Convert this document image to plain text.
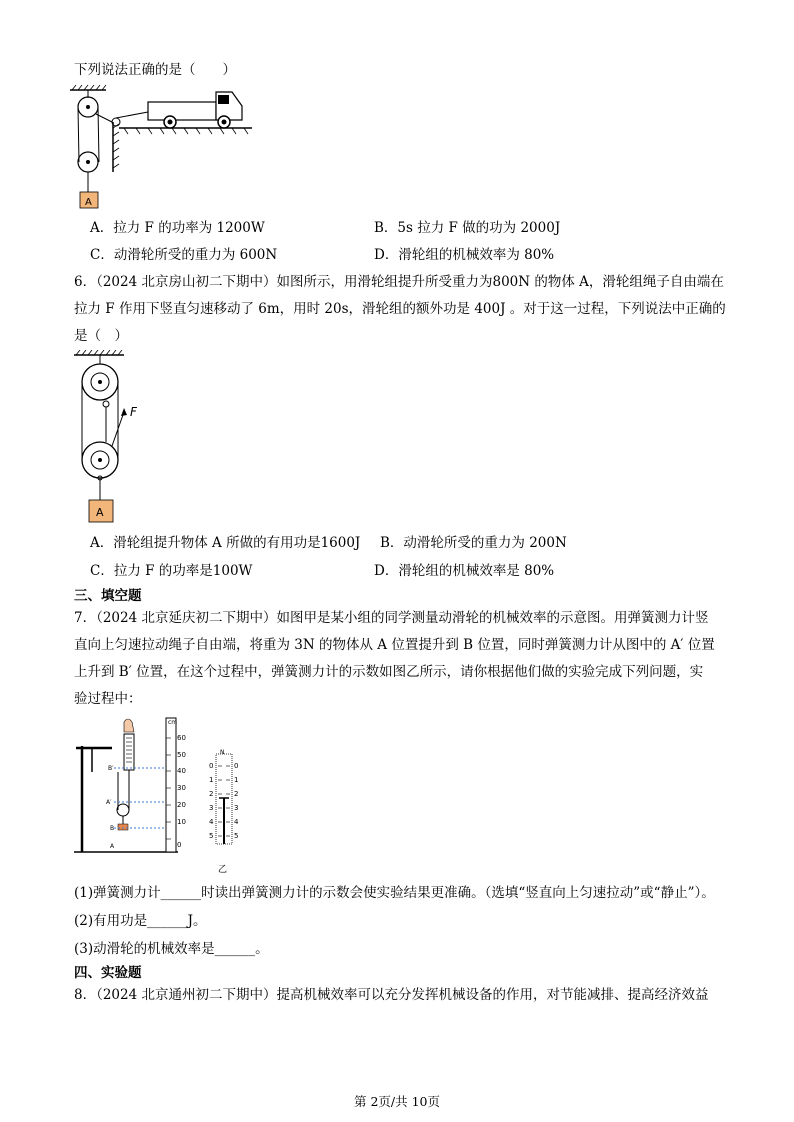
下列说法正确的是（　　）
A
A．拉力 F 的功率为 1200W	B．5s 拉力 F 做的功为 2000J
C．动滑轮所受的重力为 600N	D．滑轮组的机械效率为 80%
6．（2024 北京房山初二下期中）如图所示，用滑轮组提升所受重力为800N 的物体 A，滑轮组绳子自由端在
拉力 F 作用下竖直匀速移动了 6m，用时 20s，滑轮组的额外功是 400J 。对于这一过程，下列说法中正确的
是（　）
F
A
A．滑轮组提升物体 A 所做的有用功是1600J B．动滑轮所受的重力为 200N
C．拉力 F 的功率是100W	D．滑轮组的机械效率是 80%
三、填空题
7．（2024 北京延庆初二下期中）如图甲是某小组的同学测量动滑轮的机械效率的示意图。用弹簧测力计竖
直向上匀速拉动绳子自由端，将重为 3N 的物体从 A 位置提升到 B 位置，同时弹簧测力计从图中的 A′ 位置
上升到 B′ 位置，在这个过程中，弹簧测力计的示数如图乙所示，请你根据他们做的实验完成下列问题，实
验过程中：
cm
60
50
40
30
20
10
0
B′
A′
B
A
N
0
1
2
3
4
5
0
1
2
3
4
5
乙
(1)弹簧测力计______时读出弹簧测力计的示数会使实验结果更准确。（选填“竖直向上匀速拉动”或“静止”）。
(2)有用功是______J。
(3)动滑轮的机械效率是______。
四、实验题
8．（2024 北京通州初二下期中）提高机械效率可以充分发挥机械设备的作用，对节能减排、提高经济效益
第 2页/共 10页
